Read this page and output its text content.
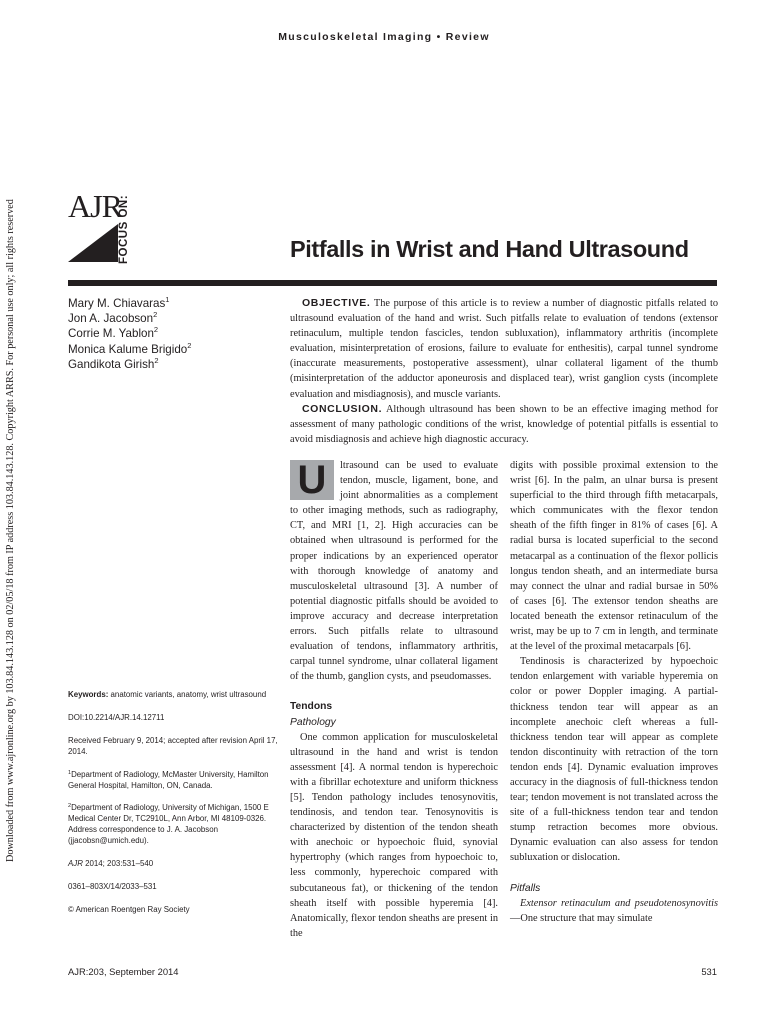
Musculoskeletal Imaging • Review
Downloaded from www.ajronline.org by 103.84.143.128 on 02/05/18 from IP address 103.84.143.128. Copyright ARRS. For personal use only; all rights reserved AJR
FOCUS ON:	Pitfalls in Wrist and Hand Ultrasound
Mary M. Chiavaras$^1$
Jon A. Jacobson$^2$
Corrie M. Yablon$^2$
Monica Kalume Brigido$^2$
Gandikota Girish$^2$

OBJECTIVE. The purpose of this article is to review a number of diagnostic pitfalls related to ultrasound evaluation of the hand and wrist. Such pitfalls relate to evaluation of tendons (extensor retinaculum, multiple tendon fascicles, tendon subluxation), inflammatory arthritis (incomplete evaluation, misinterpretation of erosions, failure to evaluate for enthesitis), carpal tunnel syndrome (inaccurate measurements, postoperative assessment), ulnar collateral ligament of the thumb (misinterpretation of the adductor aponeurosis and displaced tear), wrist ganglion cysts (incomplete evaluation and misdiagnosis), and muscle variants.

CONCLUSION. Although ultrasound has been shown to be an effective imaging method for assessment of many pathologic conditions of the wrist, knowledge of potential pitfalls is essential to avoid misdiagnosis and achieve high diagnostic accuracy.

U	ltrasound can be used to evaluate tendon, muscle, ligament, bone, and joint abnormalities as a complement to other imaging methods, such as radiography, CT, and MRI [1, 2]. High accuracies can be obtained when ultrasound is performed for the proper indications by an experienced operator with thorough knowledge of anatomy and musculoskeletal ultrasound [3]. A number of potential diagnostic pitfalls should be avoided to improve accuracy and decrease interpretation errors. Such pitfalls relate to ultrasound evaluation of tendons, inflammatory arthritis, carpal tunnel syndrome, ulnar collateral ligament of the thumb, ganglion cysts, and pseudomasses.

Tendons
Pathology

One common application for musculoskeletal ultrasound in the hand and wrist is tendon assessment [4]. A normal tendon is hyperechoic with a fibrillar echotexture and uniform thickness [5]. Tendon pathology includes tenosynovitis, tendinosis, and tendon tear. Tenosynovitis is characterized by distention of the tendon sheath with anechoic or hypoechoic fluid, synovial hypertrophy (which ranges from hypoechoic to, less commonly, hyperechoic compared with subcutaneous fat), or thickening of the tendon sheath itself with possible hyperemia [4]. Anatomically, flexor tendon sheaths are present in the

digits with possible proximal extension to the wrist [6]. In the palm, an ulnar bursa is present superficial to the third through fifth metacarpals, which communicates with the flexor tendon sheath of the fifth finger in 81% of cases [6]. A radial bursa is located superficial to the second metacarpal as a continuation of the flexor pollicis longus tendon sheath, and an intermediate bursa may connect the ulnar and radial bursae in 50% of cases [6]. The extensor tendon sheaths are located beneath the extensor retinaculum of the wrist, may be up to 7 cm in length, and terminate at the level of the proximal metacarpals [6].

Tendinosis is characterized by hypoechoic tendon enlargement with variable hyperemia on color or power Doppler imaging. A partial-thickness tendon tear will appear as an incomplete anechoic cleft whereas a full-thickness tendon tear will appear as complete tendon discontinuity with retraction of the torn tendon ends [4]. Dynamic evaluation improves accuracy in the diagnosis of full-thickness tendon tear; tendon movement is not translated across the site of a full-thickness tendon tear and tendon stump retraction becomes more obvious. Dynamic evaluation can also assess for tendon subluxation or dislocation.

Pitfalls

Extensor retinaculum and pseudotenosynovitis—One structure that may simulate

Keywords: anatomic variants, anatomy, wrist ultrasound

DOI:10.2214/AJR.14.12711

Received February 9, 2014; accepted after revision April 17, 2014.

$^1$Department of Radiology, McMaster University, Hamilton General Hospital, Hamilton, ON, Canada.

$^2$Department of Radiology, University of Michigan, 1500 E Medical Center Dr, TC2910L, Ann Arbor, MI 48109-0326. Address correspondence to J. A. Jacobson (jjacobsn@umich.edu).

AJR 2014; 203:531–540

0361–803X/14/2033–531

© American Roentgen Ray Society

AJR:203, September 2014	531
